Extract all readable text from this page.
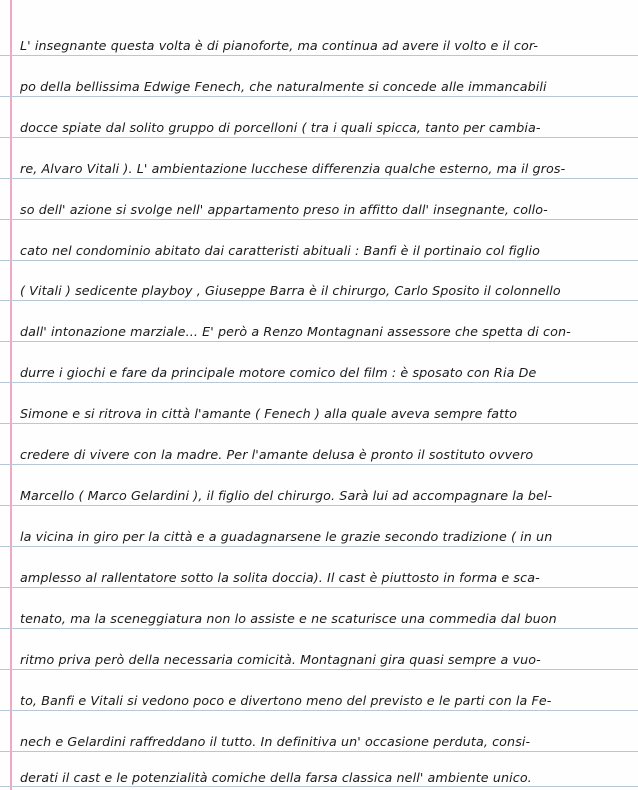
L' insegnante questa volta è di pianoforte, ma continua ad avere il volto e il cor-
po della bellissima Edwige Fenech, che naturalmente si concede alle immancabili
docce spiate dal solito gruppo di porcelloni ( tra i quali spicca, tanto per cambia-
re, Alvaro Vitali ). L' ambientazione lucchese differenzia qualche esterno, ma il gros-
so dell' azione si svolge nell' appartamento preso in affitto dall' insegnante, collo-
cato nel condominio abitato dai caratteristi abituali : Banfi è il portinaio col figlio
( Vitali ) sedicente playboy , Giuseppe Barra è il chirurgo, Carlo Sposito il colonnello
dall' intonazione marziale... E' però a Renzo Montagnani assessore che spetta di con-
durre i giochi e fare da principale motore comico del film : è sposato con Ria De
Simone e si ritrova in città l'amante ( Fenech ) alla quale aveva sempre fatto
credere di vivere con la madre. Per l'amante delusa è pronto il sostituto ovvero
Marcello ( Marco Gelardini ), il figlio del chirurgo. Sarà lui ad accompagnare la bel-
la vicina in giro per la città e a guadagnarsene le grazie secondo tradizione ( in un
amplesso al rallentatore sotto la solita doccia). Il cast è piuttosto in forma e sca-
tenato, ma la sceneggiatura non lo assiste e ne scaturisce una commedia dal buon
ritmo priva però della necessaria comicità. Montagnani gira quasi sempre a vuo-
to, Banfi e Vitali si vedono poco e divertono meno del previsto e le parti con la Fe-
nech e Gelardini raffreddano il tutto. In definitiva un' occasione perduta, consi-
derati il cast e le potenzialità comiche della farsa classica nell' ambiente unico.
